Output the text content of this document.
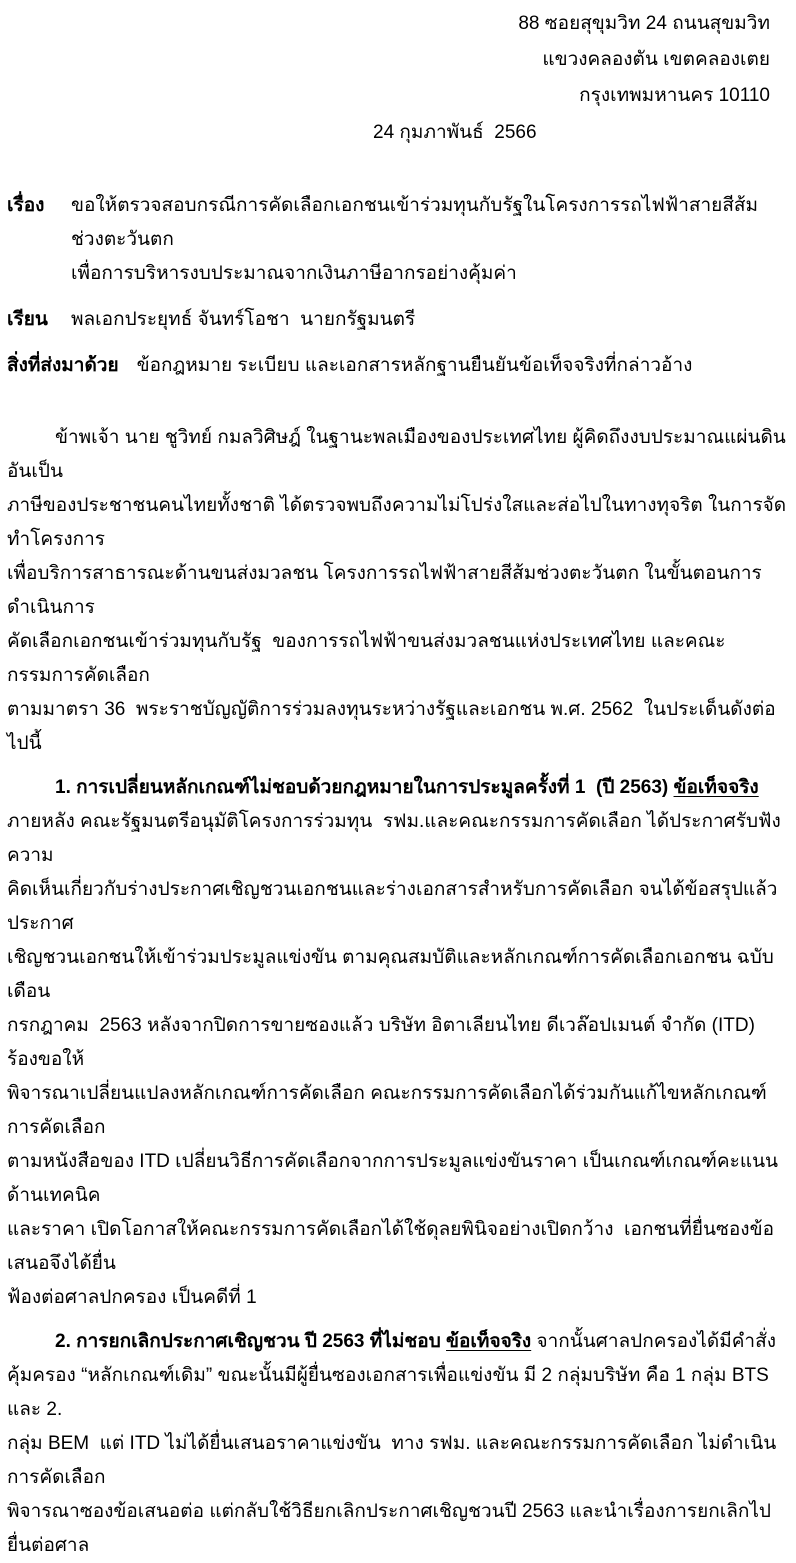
88 ซอยสุขุมวิท 24 ถนนสุขมวิท
แขวงคลองตัน เขตคลองเตย
กรุงเทพมหานคร 10110
24 กุมภาพันธ์  2566
เรื่อง	ขอให้ตรวจสอบกรณีการคัดเลือกเอกชนเข้าร่วมทุนกับรัฐในโครงการรถไฟฟ้าสายสีส้มช่วงตะวันตก
เพื่อการบริหารงบประมาณจากเงินภาษีอากรอย่างคุ้มค่า
เรียน พลเอกประยุทธ์ จันทร์โอชา  นายกรัฐมนตรี
สิ่งที่ส่งมาด้วย ข้อกฎหมาย ระเบียบ และเอกสารหลักฐานยืนยันข้อเท็จจริงที่กล่าวอ้าง
ข้าพเจ้า นาย ชูวิทย์ กมลวิศิษฎ์ ในฐานะพลเมืองของประเทศไทย ผู้คิดถึงงบประมาณแผ่นดินอันเป็น
ภาษีของประชาชนคนไทยทั้งชาติ ได้ตรวจพบถึงความไม่โปร่งใสและส่อไปในทางทุจริต ในการจัดทำโครงการ
เพื่อบริการสาธารณะด้านขนส่งมวลชน โครงการรถไฟฟ้าสายสีส้มช่วงตะวันตก ในขั้นตอนการดำเนินการ
คัดเลือกเอกชนเข้าร่วมทุนกับรัฐ  ของการรถไฟฟ้าขนส่งมวลชนแห่งประเทศไทย และคณะกรรมการคัดเลือก
ตามมาตรา 36  พระราชบัญญัติการร่วมลงทุนระหว่างรัฐและเอกชน พ.ศ. 2562  ในประเด็นดังต่อไปนี้
1. การเปลี่ยนหลักเกณฑ์ไม่ชอบด้วยกฎหมายในการประมูลครั้งที่ 1  (ปี 2563) ข้อเท็จจริง
ภายหลัง คณะรัฐมนตรีอนุมัติโครงการร่วมทุน  รฟม.และคณะกรรมการคัดเลือก ได้ประกาศรับฟังความ
คิดเห็นเกี่ยวกับร่างประกาศเชิญชวนเอกชนและร่างเอกสารสำหรับการคัดเลือก จนได้ข้อสรุปแล้วประกาศ
เชิญชวนเอกชนให้เข้าร่วมประมูลแข่งขัน ตามคุณสมบัติและหลักเกณฑ์การคัดเลือกเอกชน ฉบับเดือน
กรกฎาคม  2563 หลังจากปิดการขายซองแล้ว บริษัท อิตาเลียนไทย ดีเวล๊อปเมนต์ จำกัด (ITD) ร้องขอให้
พิจารณาเปลี่ยนแปลงหลักเกณฑ์การคัดเลือก คณะกรรมการคัดเลือกได้ร่วมกันแก้ไขหลักเกณฑ์การคัดเลือก
ตามหนังสือของ ITD เปลี่ยนวิธีการคัดเลือกจากการประมูลแข่งขันราคา เป็นเกณฑ์เกณฑ์คะแนนด้านเทคนิค
และราคา เปิดโอกาสให้คณะกรรมการคัดเลือกได้ใช้ดุลยพินิจอย่างเปิดกว้าง  เอกชนที่ยื่นซองข้อเสนอจึงได้ยื่น
ฟ้องต่อศาลปกครอง เป็นคดีที่ 1
2. การยกเลิกประกาศเชิญชวน ปี 2563 ที่ไม่ชอบ ข้อเท็จจริง จากนั้นศาลปกครองได้มีคำสั่ง
คุ้มครอง “หลักเกณฑ์เดิม” ขณะนั้นมีผู้ยื่นซองเอกสารเพื่อแข่งขัน มี 2 กลุ่มบริษัท คือ 1 กลุ่ม BTS และ 2.
กลุ่ม BEM  แต่ ITD ไม่ได้ยื่นเสนอราคาแข่งขัน  ทาง รฟม. และคณะกรรมการคัดเลือก ไม่ดำเนินการคัดเลือก
พิจารณาซองข้อเสนอต่อ แต่กลับใช้วิธียกเลิกประกาศเชิญชวนปี 2563 และนำเรื่องการยกเลิกไปยื่นต่อศาล
